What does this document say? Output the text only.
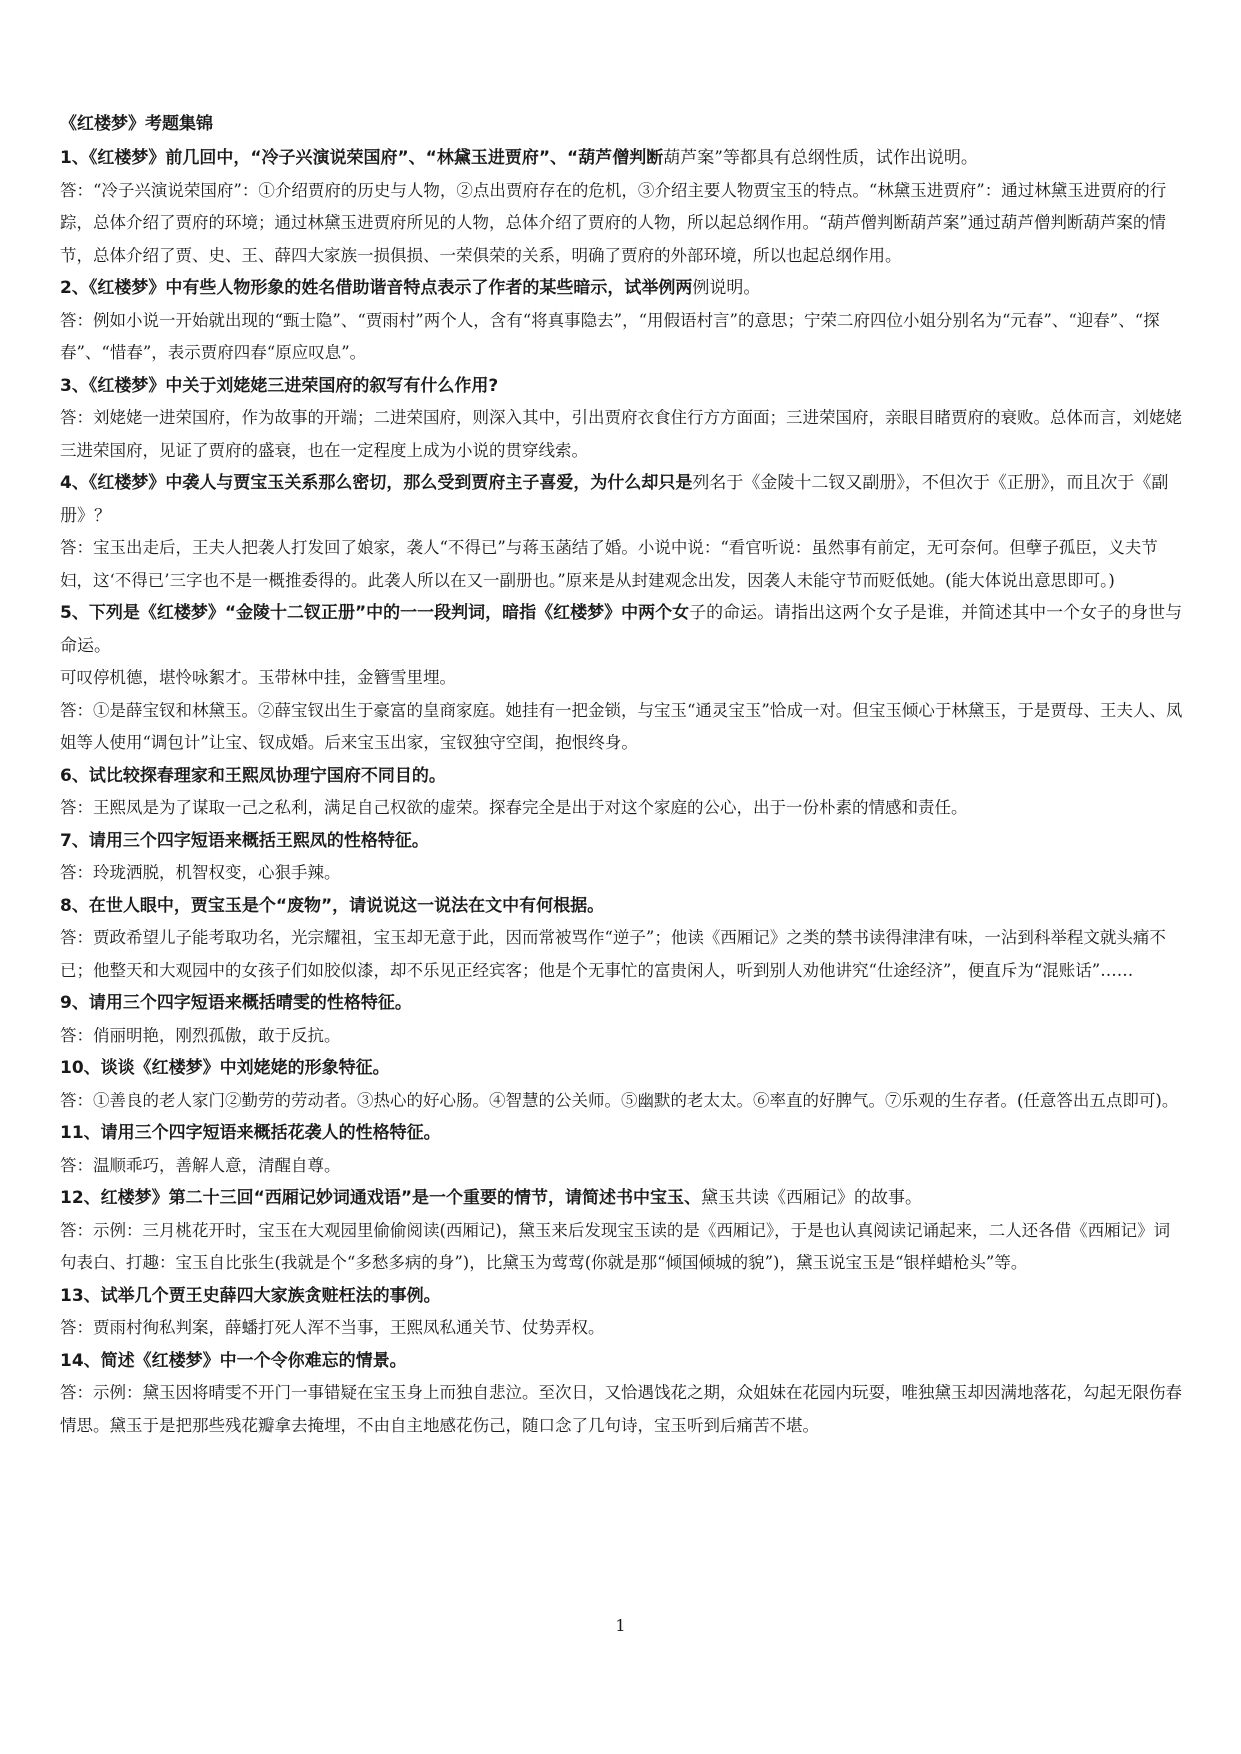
《红楼梦》考题集锦

1、《红楼梦》前几回中，“冷子兴演说荣国府”、“林黛玉进贾府”、“葫芦僧判断葫芦案”等都具有总纲性质，试作出说明。

答：“冷子兴演说荣国府”：①介绍贾府的历史与人物，②点出贾府存在的危机，③介绍主要人物贾宝玉的特点。“林黛玉进贾府”：通过林黛玉进贾府的行踪，总体介绍了贾府的环境；通过林黛玉进贾府所见的人物，总体介绍了贾府的人物，所以起总纲作用。“葫芦僧判断葫芦案”通过葫芦僧判断葫芦案的情节，总体介绍了贾、史、王、薛四大家族一损俱损、一荣俱荣的关系，明确了贾府的外部环境，所以也起总纲作用。

2、《红楼梦》中有些人物形象的姓名借助谐音特点表示了作者的某些暗示，试举例两例说明。

答：例如小说一开始就出现的“甄士隐”、“贾雨村”两个人，含有“将真事隐去”，“用假语村言”的意思；宁荣二府四位小姐分别名为“元春”、“迎春”、“探春”、“惜春”，表示贾府四春“原应叹息”。

3、《红楼梦》中关于刘姥姥三进荣国府的叙写有什么作用?

答：刘姥姥一进荣国府，作为故事的开端；二进荣国府，则深入其中，引出贾府衣食住行方方面面；三进荣国府，亲眼目睹贾府的衰败。总体而言，刘姥姥三进荣国府，见证了贾府的盛衰，也在一定程度上成为小说的贯穿线索。

4、《红楼梦》中袭人与贾宝玉关系那么密切，那么受到贾府主子喜爱，为什么却只是列名于《金陵十二钗又副册》，不但次于《正册》，而且次于《副册》？

答：宝玉出走后，王夫人把袭人打发回了娘家，袭人“不得已”与蒋玉菡结了婚。小说中说：“看官听说：虽然事有前定，无可奈何。但孽子孤臣，义夫节妇，这‘不得已’三字也不是一概推委得的。此袭人所以在又一副册也。”原来是从封建观念出发，因袭人未能守节而贬低她。(能大体说出意思即可。)

5、下列是《红楼梦》“金陵十二钗正册”中的一一段判词，暗指《红楼梦》中两个女子的命运。请指出这两个女子是谁，并简述其中一个女子的身世与命运。

可叹停机德，堪怜咏絮才。玉带林中挂，金簪雪里埋。

答：①是薛宝钗和林黛玉。②薛宝钗出生于豪富的皇商家庭。她挂有一把金锁，与宝玉“通灵宝玉”恰成一对。但宝玉倾心于林黛玉，于是贾母、王夫人、凤姐等人使用“调包计”让宝、钗成婚。后来宝玉出家，宝钗独守空闺，抱恨终身。

6、试比较探春理家和王熙凤协理宁国府不同目的。

答：王熙凤是为了谋取一己之私利，满足自己权欲的虚荣。探春完全是出于对这个家庭的公心，出于一份朴素的情感和责任。

7、请用三个四字短语来概括王熙凤的性格特征。

答：玲珑洒脱，机智权变，心狠手辣。

8、在世人眼中，贾宝玉是个“废物”，请说说这一说法在文中有何根据。

答：贾政希望儿子能考取功名，光宗耀祖，宝玉却无意于此，因而常被骂作“逆子”；他读《西厢记》之类的禁书读得津津有味，一沾到科举程文就头痛不已；他整天和大观园中的女孩子们如胶似漆，却不乐见正经宾客；他是个无事忙的富贵闲人，听到别人劝他讲究“仕途经济”，便直斥为“混账话”……

9、请用三个四字短语来概括晴雯的性格特征。

答：俏丽明艳，刚烈孤傲，敢于反抗。

10、谈谈《红楼梦》中刘姥姥的形象特征。

答：①善良的老人家门②勤劳的劳动者。③热心的好心肠。④智慧的公关师。⑤幽默的老太太。⑥率直的好脾气。⑦乐观的生存者。(任意答出五点即可)。

11、请用三个四字短语来概括花袭人的性格特征。

答：温顺乖巧，善解人意，清醒自尊。

12、红楼梦》第二十三回“西厢记妙词通戏语”是一个重要的情节，请简述书中宝玉、黛玉共读《西厢记》的故事。

答：示例：三月桃花开时，宝玉在大观园里偷偷阅读(西厢记)，黛玉来后发现宝玉读的是《西厢记》，于是也认真阅读记诵起来，二人还各借《西厢记》词句表白、打趣：宝玉自比张生(我就是个“多愁多病的身”)，比黛玉为莺莺(你就是那“倾国倾城的貌”)，黛玉说宝玉是“银样蜡枪头”等。

13、试举几个贾王史薛四大家族贪赃枉法的事例。

答：贾雨村徇私判案，薛蟠打死人浑不当事，王熙凤私通关节、仗势弄权。

14、简述《红楼梦》中一个令你难忘的情景。

答：示例：黛玉因将晴雯不开门一事错疑在宝玉身上而独自悲泣。至次日，又恰遇饯花之期，众姐妹在花园内玩耍，唯独黛玉却因满地落花，勾起无限伤春情思。黛玉于是把那些残花瓣拿去掩埋，不由自主地感花伤己，随口念了几句诗，宝玉听到后痛苦不堪。

1
